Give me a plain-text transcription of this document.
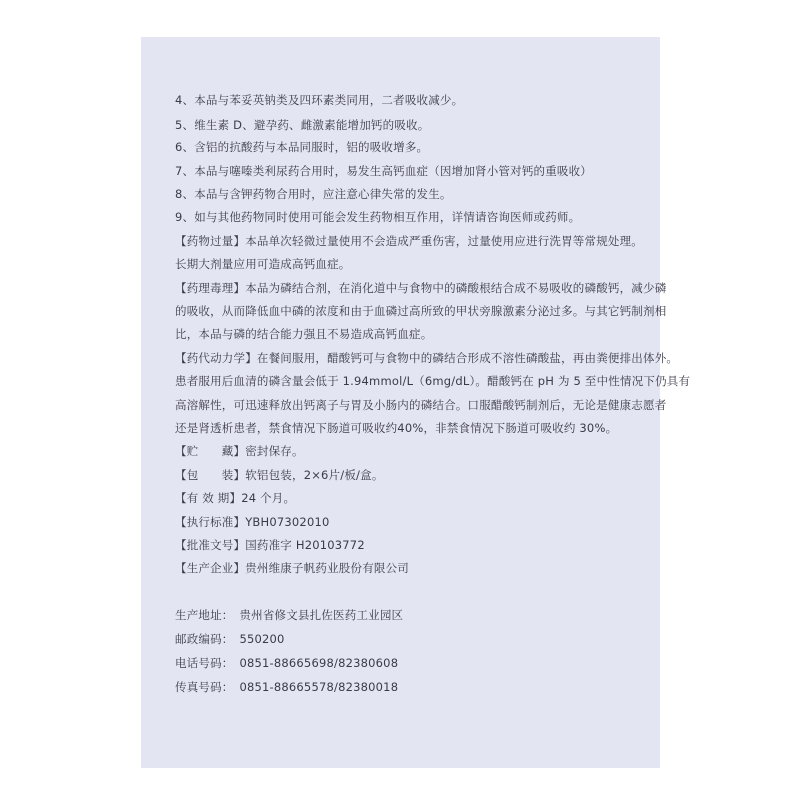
4、本品与苯妥英钠类及四环素类同用，二者吸收减少。
5、维生素 D、避孕药、雌激素能增加钙的吸收。
6、含铝的抗酸药与本品同服时，铝的吸收增多。
7、本品与噻嗪类利尿药合用时，易发生高钙血症（因增加肾小管对钙的重吸收）
8、本品与含钾药物合用时，应注意心律失常的发生。
9、如与其他药物同时使用可能会发生药物相互作用，详情请咨询医师或药师。
【药物过量】本品单次轻微过量使用不会造成严重伤害，过量使用应进行洗胃等常规处理。
长期大剂量应用可造成高钙血症。
【药理毒理】本品为磷结合剂，在消化道中与食物中的磷酸根结合成不易吸收的磷酸钙，减少磷
的吸收，从而降低血中磷的浓度和由于血磷过高所致的甲状旁腺激素分泌过多。与其它钙制剂相
比，本品与磷的结合能力强且不易造成高钙血症。
【药代动力学】在餐间服用，醋酸钙可与食物中的磷结合形成不溶性磷酸盐，再由粪便排出体外。
患者服用后血清的磷含量会低于 1.94mmol/L（6mg/dL）。醋酸钙在 pH 为 5 至中性情况下仍具有
高溶解性，可迅速释放出钙离子与胃及小肠内的磷结合。口服醋酸钙制剂后，无论是健康志愿者
还是肾透析患者，禁食情况下肠道可吸收约40%，非禁食情况下肠道可吸收约 30%。
【贮　　藏】密封保存。
【包　　装】软铝包装，2×6片/板/盒。
【有 效 期】24 个月。
【执行标准】YBH07302010
【批准文号】国药准字 H20103772
【生产企业】贵州维康子帆药业股份有限公司
生产地址：　贵州省修文县扎佐医药工业园区
邮政编码：　550200
电话号码：　0851-88665698/82380608
传真号码：　0851-88665578/82380018
